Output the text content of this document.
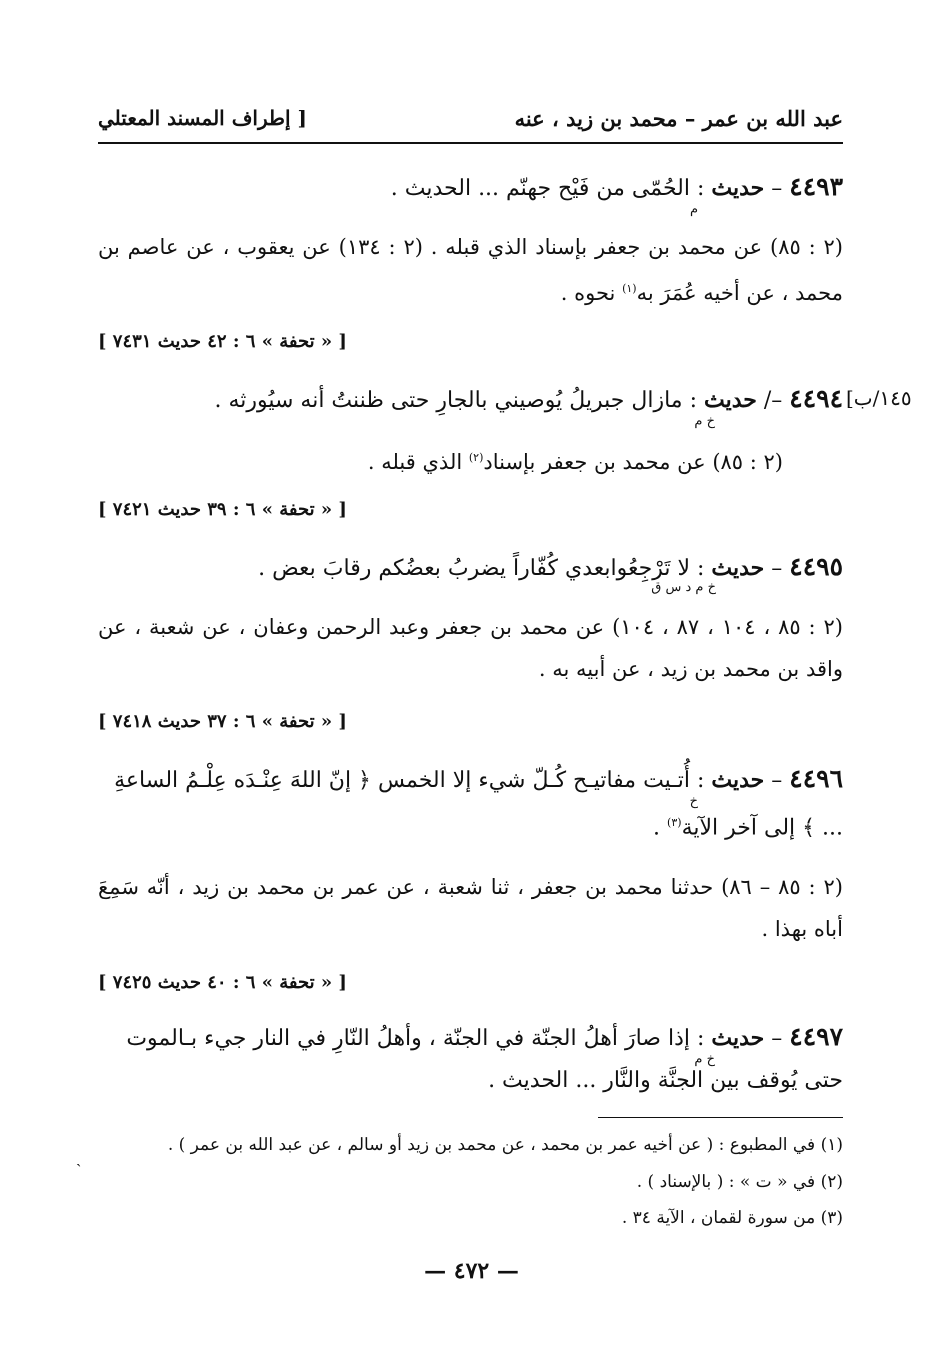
عبد الله بن عمر – محمد بن زيد ، عنه
[ إطراف المسند المعتلي
٤٤٩٣ – حديث : الحُمّى من فَيْح جهنّم ... الحديث .
م
(٢ : ٨٥) عن محمد بن جعفر بإسناد الذي قبله . (٢ : ١٣٤) عن يعقوب ، عن عاصم بن محمد ، عن أخيه عُمَرَ به$^{(١)}$ نحوه .
[ « تحفة » ٦ : ٤٢ حديث ٧٤٣١ ]
٤٤٩٤ –/ حديث : مازال جبريلُ يُوصيني بالجارِ حتى ظننتُ أنه سيُورثه .
خ م
(٢ : ٨٥) عن محمد بن جعفر بإسناد$^{(٢)}$ الذي قبله .
[ « تحفة » ٦ : ٣٩ حديث ٧٤٢١ ]
٤٤٩٥ – حديث : لا تَرْجِعُوابعدي كُفّاراً يضربُ بعضُكم رقابَ بعض .
خ م د س ق
(٢ : ٨٥ ، ١٠٤ ، ٨٧ ، ١٠٤) عن محمد بن جعفر وعبد الرحمن وعفان ، عن شعبة ، عن واقد بن محمد بن زيد ، عن أبيه به .
[ « تحفة » ٦ : ٣٧ حديث ٧٤١٨ ]
٤٤٩٦ – حديث : أُتـيت مفاتيـح كُـلّ شيء إلا الخمس ﴿ إنّ اللهَ عِنْـدَه عِلْـمُ الساعةِ ... ﴾ إلى آخر الآية$^{(٣)}$ .
خ
(٢ : ٨٥ – ٨٦) حدثنا محمد بن جعفر ، ثنا شعبة ، عن عمر بن محمد بن زيد ، أنّه سَمِعَ أباه بهذا .
[ « تحفة » ٦ : ٤٠ حديث ٧٤٢٥ ]
٤٤٩٧ – حديث : إذا صارَ أهلُ الجنّة في الجنّة ، وأهلُ النّارِ في النار جيء بـالموت حتى يُوقف بين الجنَّة والنَّار ... الحديث .
خ م
١٤٥/ب]
(١) في المطبوع : ( عن أخيه عمر بن محمد ، عن محمد بن زيد أو سالم ، عن عبد الله بن عمر ) .
(٢) في « ت » : ( بالإسناد ) .
(٣) من سورة لقمان ، الآية ٣٤ .
ˎ
— ٤٧٢ —
